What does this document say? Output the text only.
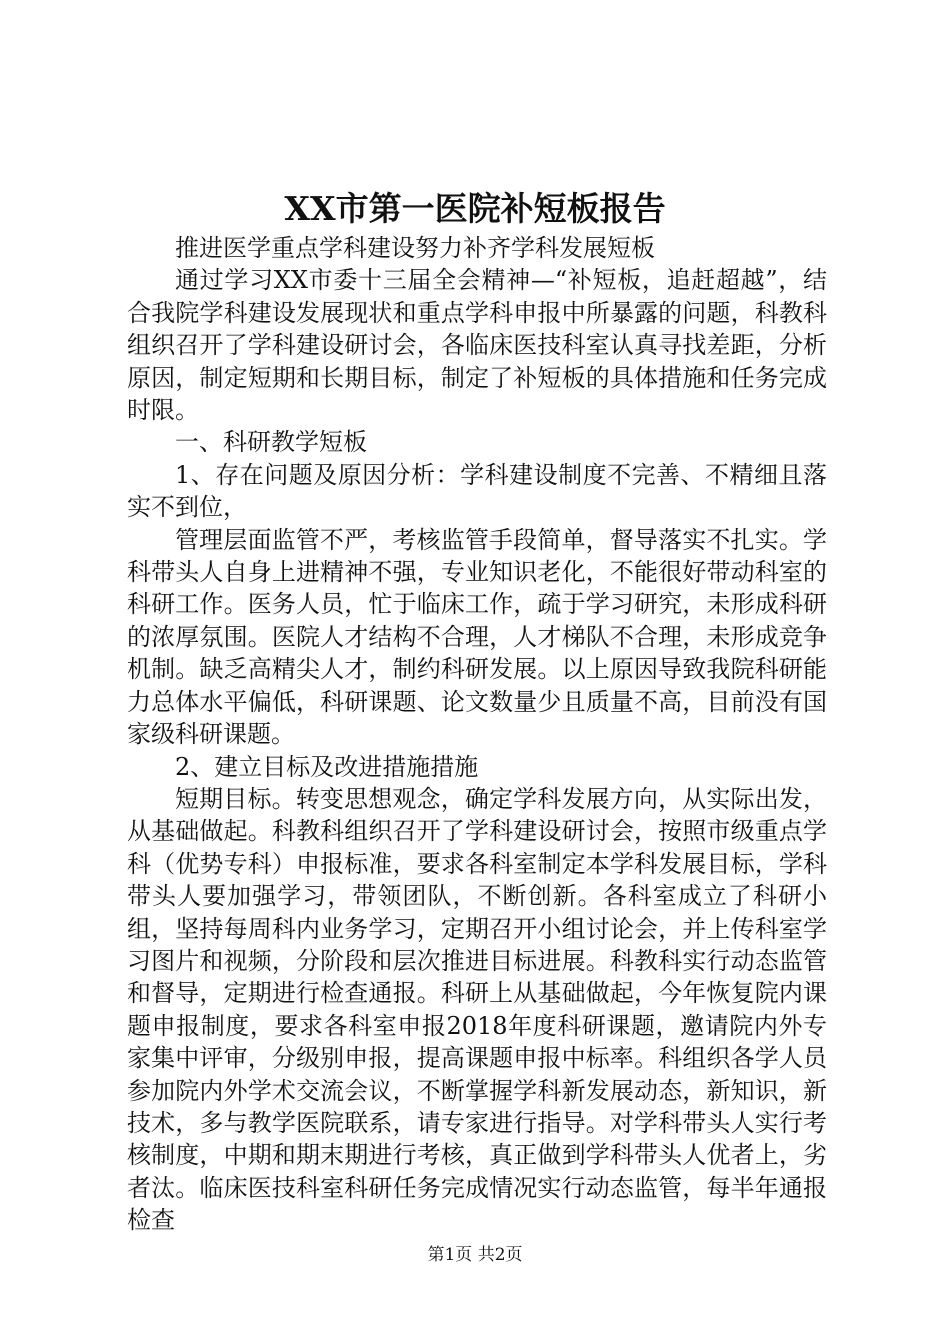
XX市第一医院补短板报告

推进医学重点学科建设努力补齐学科发展短板

通过学习XX市委十三届全会精神—“补短板，追赶超越”，结合我院学科建设发展现状和重点学科申报中所暴露的问题，科教科组织召开了学科建设研讨会，各临床医技科室认真寻找差距，分析原因，制定短期和长期目标，制定了补短板的具体措施和任务完成时限。

一、科研教学短板

1、存在问题及原因分析：学科建设制度不完善、不精细且落实不到位，

管理层面监管不严，考核监管手段简单，督导落实不扎实。学科带头人自身上进精神不强，专业知识老化，不能很好带动科室的科研工作。医务人员，忙于临床工作，疏于学习研究，未形成科研的浓厚氛围。医院人才结构不合理，人才梯队不合理，未形成竞争机制。缺乏高精尖人才，制约科研发展。以上原因导致我院科研能力总体水平偏低，科研课题、论文数量少且质量不高，目前没有国家级科研课题。

2、建立目标及改进措施措施

短期目标。转变思想观念，确定学科发展方向，从实际出发，从基础做起。科教科组织召开了学科建设研讨会，按照市级重点学科（优势专科）申报标准，要求各科室制定本学科发展目标，学科带头人要加强学习，带领团队，不断创新。各科室成立了科研小组，坚持每周科内业务学习，定期召开小组讨论会，并上传科室学习图片和视频，分阶段和层次推进目标进展。科教科实行动态监管和督导，定期进行检查通报。科研上从基础做起，今年恢复院内课题申报制度，要求各科室申报2018年度科研课题，邀请院内外专家集中评审，分级别申报，提高课题申报中标率。科组织各学人员参加院内外学术交流会议，不断掌握学科新发展动态，新知识，新技术，多与教学医院联系，请专家进行指导。对学科带头人实行考核制度，中期和期末期进行考核，真正做到学科带头人优者上，劣者汰。临床医技科室科研任务完成情况实行动态监管，每半年通报检查

第1页 共2页
